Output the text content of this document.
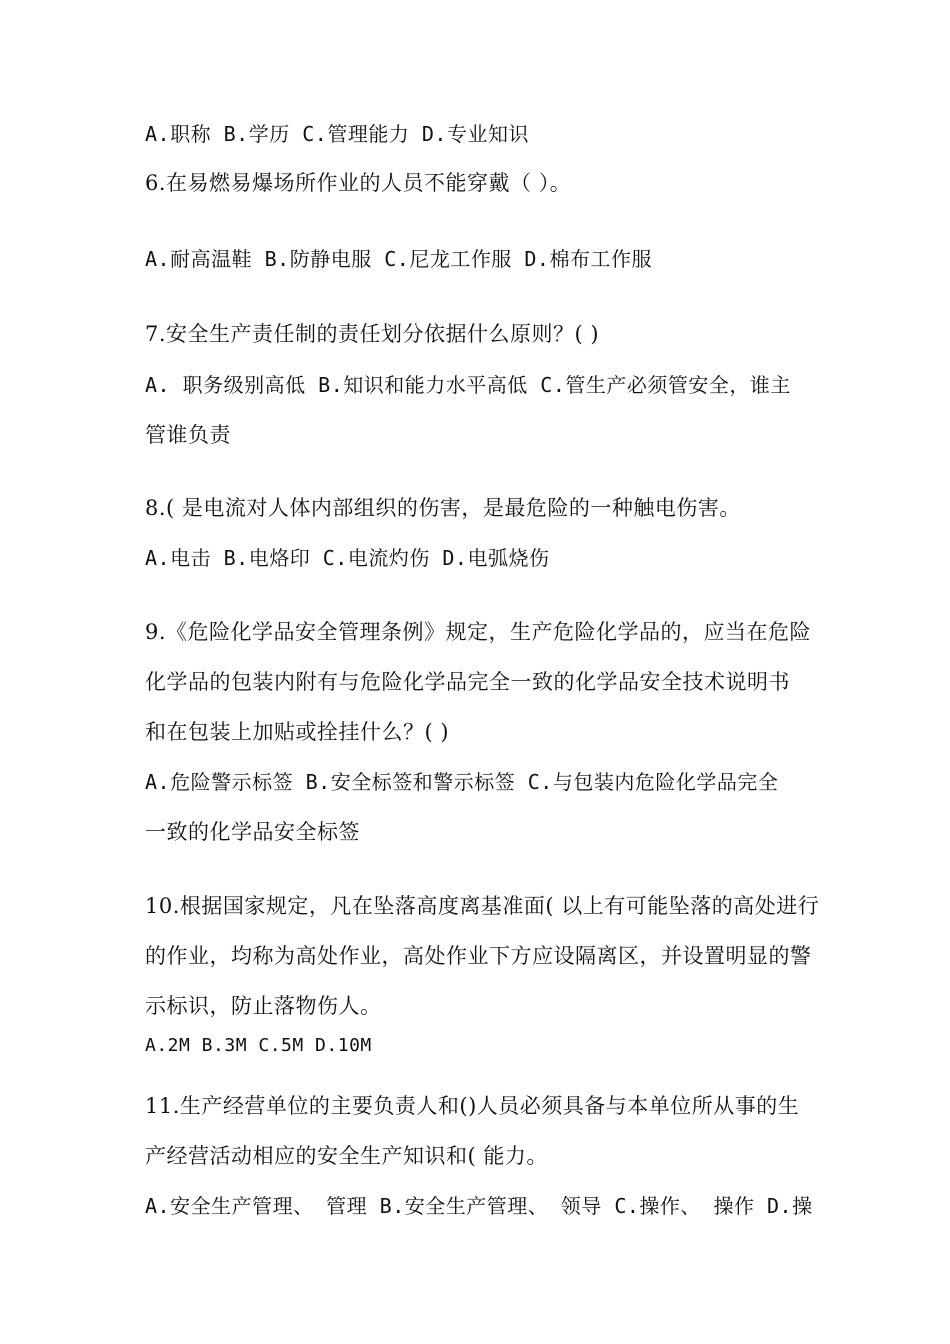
A.职称 B.学历 C.管理能力 D.专业知识
6.在易燃易爆场所作业的人员不能穿戴（ ）。
A.耐高温鞋 B.防静电服 C.尼龙工作服 D.棉布工作服
7.安全生产责任制的责任划分依据什么原则？( )
A. 职务级别高低 B.知识和能力水平高低 C.管生产必须管安全，谁主
管谁负责
8.( 是电流对人体内部组织的伤害，是最危险的一种触电伤害。
A.电击 B.电烙印 C.电流灼伤 D.电弧烧伤
9.《危险化学品安全管理条例》规定，生产危险化学品的，应当在危险
化学品的包装内附有与危险化学品完全一致的化学品安全技术说明书
和在包装上加贴或拴挂什么？( )
A.危险警示标签 B.安全标签和警示标签 C.与包装内危险化学品完全
一致的化学品安全标签
10.根据国家规定，凡在坠落高度离基准面( 以上有可能坠落的高处进行
的作业，均称为高处作业，高处作业下方应设隔离区，并设置明显的警
示标识，防止落物伤人。
A.2M B.3M C.5M D.10M
11.生产经营单位的主要负责人和()人员必须具备与本单位所从事的生
产经营活动相应的安全生产知识和( 能力。
A.安全生产管理、 管理 B.安全生产管理、 领导 C.操作、 操作 D.操
